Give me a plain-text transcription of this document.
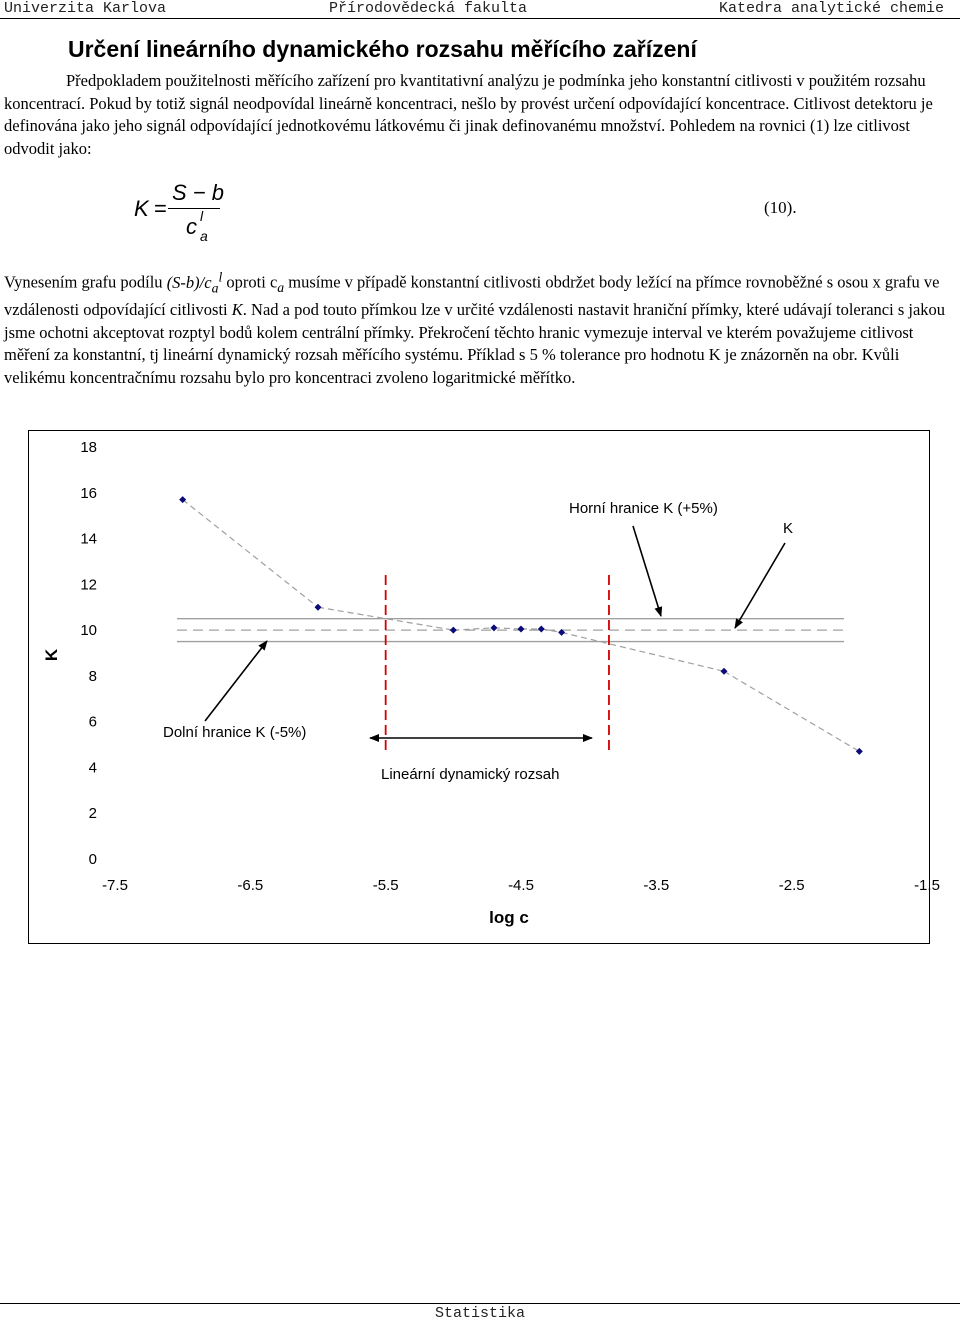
Univerzita Karlova	Přírodovědecká fakulta	Katedra analytické chemie
Určení lineárního dynamického rozsahu měřícího zařízení

Předpokladem použitelnosti měřícího zařízení pro kvantitativní analýzu je podmínka jeho konstantní citlivosti v použitém rozsahu koncentrací. Pokud by totiž signál neodpovídal lineárně koncentraci, nešlo by provést určení odpovídající koncentrace. Citlivost detektoru je definována jako jeho signál odpovídající jednotkovému látkovému či jinak definovanému množství. Pohledem na rovnici (1) lze citlivost odvodit jako:

K =
S − b
c l
a
(10).

Vynesením grafu podílu $(S-b)/c_a^l$ oproti $c_a$ musíme v případě konstantní citlivosti obdržet body ležící na přímce rovnoběžné s osou x grafu ve vzdálenosti odpovídající citlivosti K. Nad a pod touto přímkou lze v určité vzdálenosti nastavit hraniční přímky, které udávají toleranci s jakou jsme ochotni akceptovat rozptyl bodů kolem centrální přímky. Překročení těchto hranic vymezuje interval ve kterém považujeme citlivost měření za konstantní, tj lineární dynamický rozsah měřícího systému. Příklad s 5 % tolerance pro hodnotu K je znázorněn na obr. Kvůli velikému koncentračnímu rozsahu bylo pro koncentraci zvoleno logaritmické měřítko.

K
log c
0
2
4
6
8
10
12
14
16
18
-7.5	-6.5	-5.5	-4.5	-3.5	-2.5	-1.5
Horní hranice K (+5%)
K
Dolní hranice K (-5%)
Lineární dynamický rozsah
Statistika
